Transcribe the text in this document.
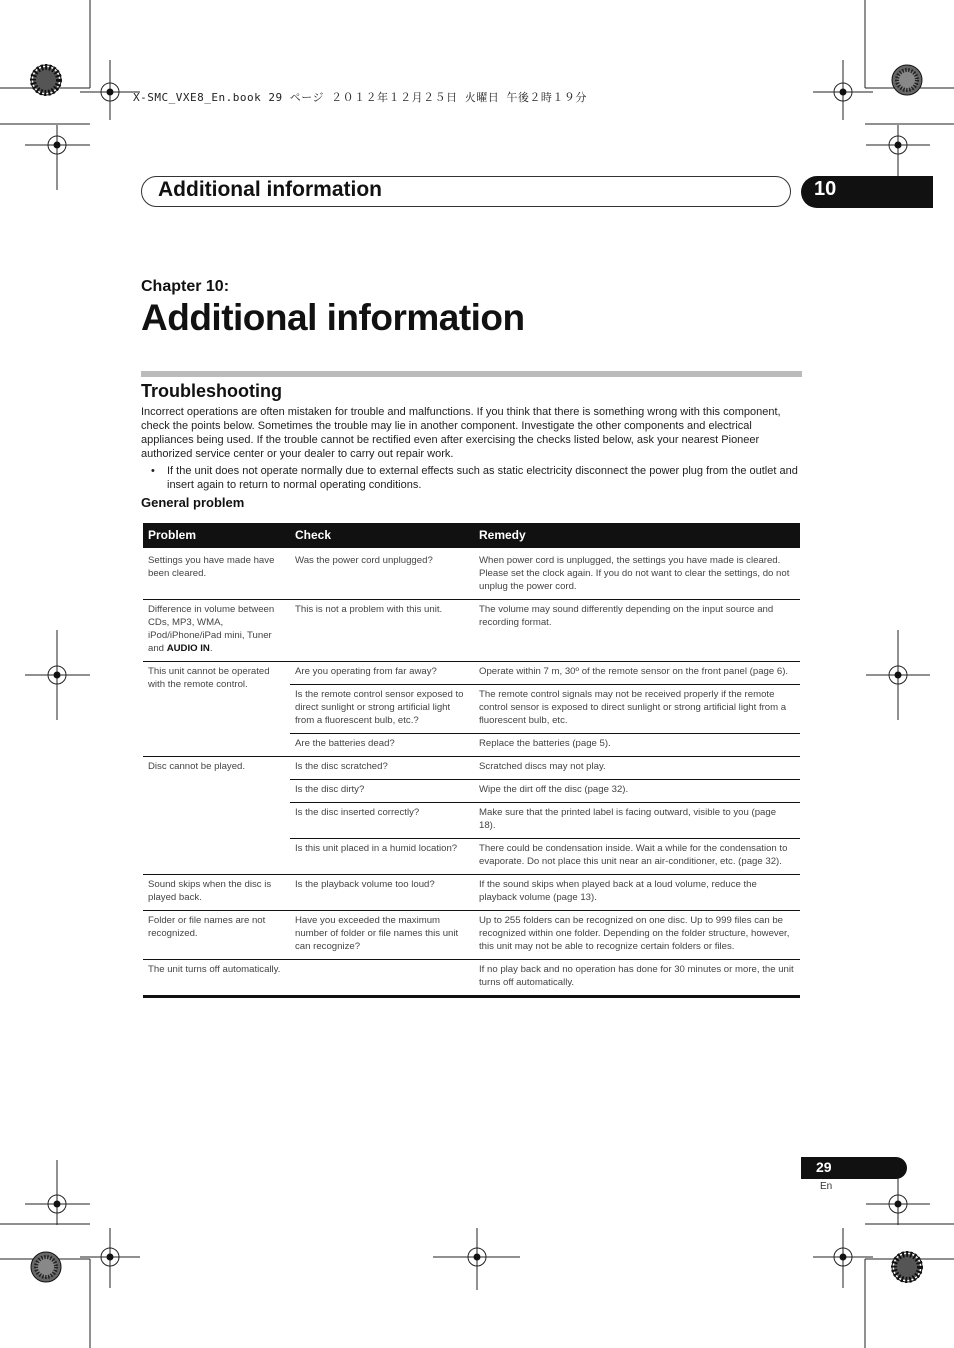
X-SMC_VXE8_En.book 29 ページ ２０１２年１２月２５日 火曜日 午後２時１９分
Additional information	10
Chapter 10:
Additional information
Troubleshooting

Incorrect operations are often mistaken for trouble and malfunctions. If you think that there is something wrong with this component, check the points below. Sometimes the trouble may lie in another component. Investigate the other components and electrical appliances being used. If the trouble cannot be rectified even after exercising the checks listed below, ask your nearest Pioneer authorized service center or your dealer to carry out repair work.

•	If the unit does not operate normally due to external effects such as static electricity disconnect the power plug from the outlet and insert again to return to normal operating conditions.
General problem
Problem	Check	Remedy
Settings you have made have been cleared.	Was the power cord unplugged?	When power cord is unplugged, the settings you have made is cleared. Please set the clock again. If you do not want to clear the settings, do not unplug the power cord.
Difference in volume between CDs, MP3, WMA, iPod/iPhone/iPad mini, Tuner and AUDIO IN.	This is not a problem with this unit.	The volume may sound differently depending on the input source and recording format.
This unit cannot be operated with the remote control.	Are you operating from far away?	Operate within 7 m, 30º of the remote sensor on the front panel (page 6).
	Is the remote control sensor exposed to direct sunlight or strong artificial light from a fluorescent bulb, etc.?	The remote control signals may not be received properly if the remote control sensor is exposed to direct sunlight or strong artificial light from a fluorescent bulb, etc.
	Are the batteries dead?	Replace the batteries (page 5).
Disc cannot be played.	Is the disc scratched?	Scratched discs may not play.
	Is the disc dirty?	Wipe the dirt off the disc (page 32).
	Is the disc inserted correctly?	Make sure that the printed label is facing outward, visible to you (page 18).
	Is this unit placed in a humid location?	There could be condensation inside. Wait a while for the condensation to evaporate. Do not place this unit near an air-conditioner, etc. (page 32).
Sound skips when the disc is played back.	Is the playback volume too loud?	If the sound skips when played back at a loud volume, reduce the playback volume (page 13).
Folder or file names are not recognized.	Have you exceeded the maximum number of folder or file names this unit can recognize?	Up to 255 folders can be recognized on one disc. Up to 999 files can be recognized within one folder. Depending on the folder structure, however, this unit may not be able to recognize certain folders or files.
The unit turns off automatically.		If no play back and no operation has done for 30 minutes or more, the unit turns off automatically.
29
En
